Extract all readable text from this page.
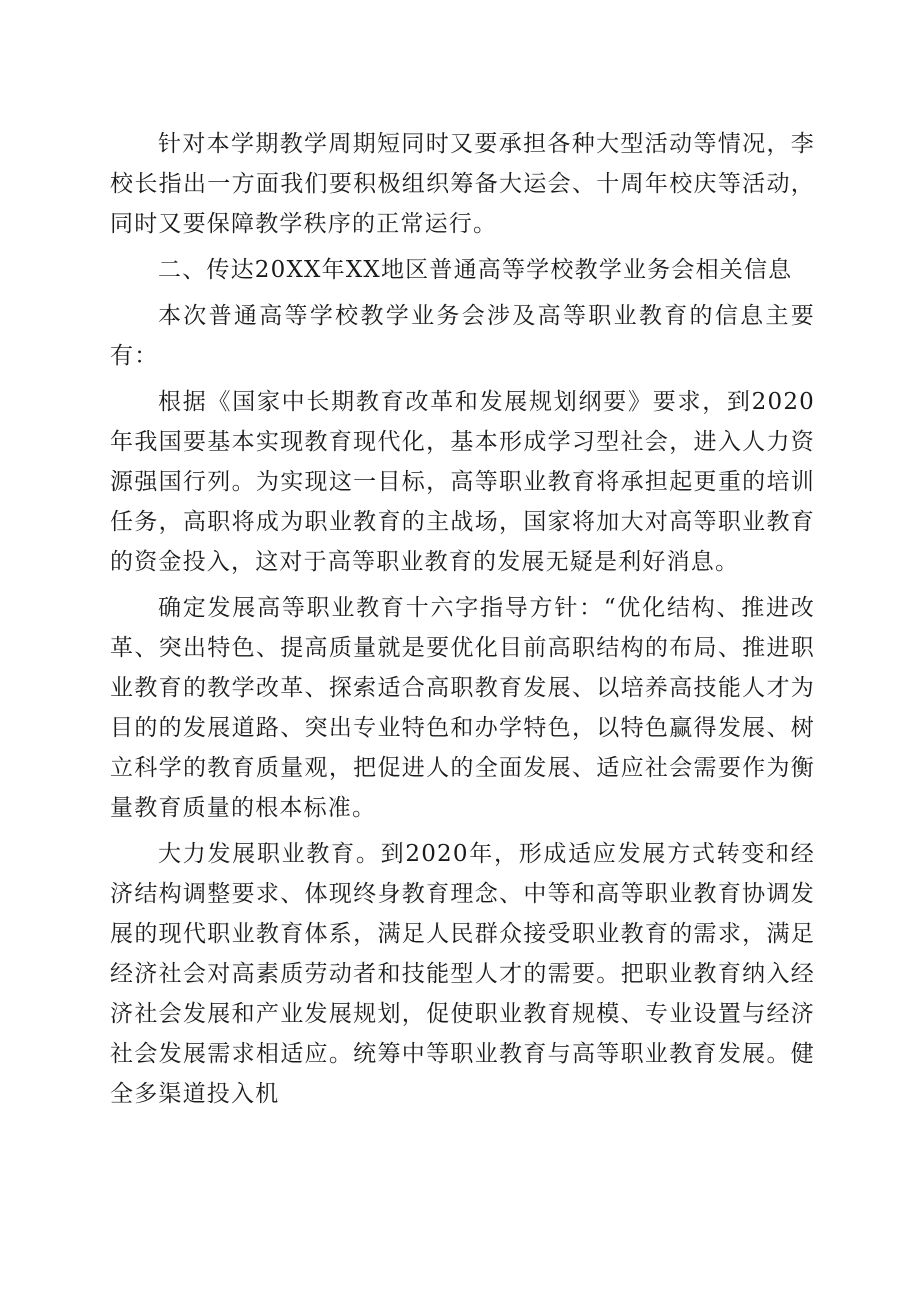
针对本学期教学周期短同时又要承担各种大型活动等情况，李校长指出一方面我们要积极组织筹备大运会、十周年校庆等活动，同时又要保障教学秩序的正常运行。

二、传达20XX年XX地区普通高等学校教学业务会相关信息

本次普通高等学校教学业务会涉及高等职业教育的信息主要有：

根据《国家中长期教育改革和发展规划纲要》要求，到2020年我国要基本实现教育现代化，基本形成学习型社会，进入人力资源强国行列。为实现这一目标，高等职业教育将承担起更重的培训任务，高职将成为职业教育的主战场，国家将加大对高等职业教育的资金投入，这对于高等职业教育的发展无疑是利好消息。

确定发展高等职业教育十六字指导方针：“优化结构、推进改革、突出特色、提高质量就是要优化目前高职结构的布局、推进职业教育的教学改革、探索适合高职教育发展、以培养高技能人才为目的的发展道路、突出专业特色和办学特色，以特色赢得发展、树立科学的教育质量观，把促进人的全面发展、适应社会需要作为衡量教育质量的根本标准。

大力发展职业教育。到2020年，形成适应发展方式转变和经济结构调整要求、体现终身教育理念、中等和高等职业教育协调发展的现代职业教育体系，满足人民群众接受职业教育的需求，满足经济社会对高素质劳动者和技能型人才的需要。把职业教育纳入经济社会发展和产业发展规划，促使职业教育规模、专业设置与经济社会发展需求相适应。统筹中等职业教育与高等职业教育发展。健全多渠道投入机
